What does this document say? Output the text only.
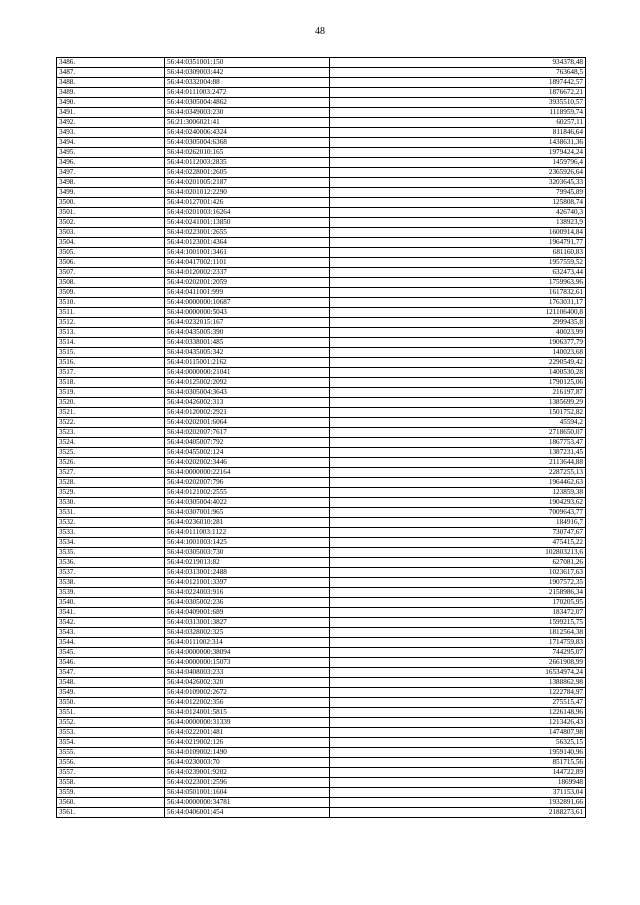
48
3486.	56:44:0351001:150	934378,48
3487.	56:44:0309003:442	763648,5
3488.	56:44:0332004:88	1897442,57
3489.	56:44:0111003:2472	1876672,21
3490.	56:44:0305004:4862	3935510,57
3491.	56:44:0349003:230	1118959,74
3492.	56:21:3006021:41	60257,11
3493.	56:44:0240006:4324	811846,64
3494.	56:44:0305004:6368	1438631,36
3495.	56:44:0262010:165	1979424,24
3496.	56:44:0112003:2835	1459796,4
3497.	56:44:0228001:2605	2365926,64
3498.	56:44:0201005:2187	3203645,33
3499.	56:44:0201012:2290	79945,89
3500.	56:44:0127001:426	125808,74
3501.	56:44:0201003:16264	426740,3
3502.	56:44:0241001:13850	138923,9
3503.	56:44:0223001:2655	1600914,84
3504.	56:44:0123001:4364	1964791,77
3505.	56:44:1001001:3461	681160,83
3506.	56:44:0417002:1101	1957559,52
3507.	56:44:0120002:2337	632473,44
3508.	56:44:0202001:2059	1759963,96
3509.	56:44:0411001:999	1617832,61
3510.	56:44:0000000:10687	1763031,17
3511.	56:44:0000000:5043	121106400,8
3512.	56:44:0232015:167	2999435,8
3513.	56:44:0435005:390	40023,99
3514.	56:44:0338001:485	1906377,79
3515.	56:44:0435005:342	140023,68
3516.	56:44:0115001:2162	2290549,42
3517.	56:44:0000000:21041	1400530,28
3518.	56:44:0125002:2092	1790125,06
3519.	56:44:0305004:3643	216197,87
3520.	56:44:0426002:313	1385699,29
3521.	56:44:0120002:2921	1501752,82
3522.	56:44:0202001:6064	45594,2
3523.	56:44:0202007:7617	2718650,07
3524.	56:44:0405007:792	1867753,47
3525.	56:44:0455002:124	1387231,45
3526.	56:44:0202002:3446	2113644,88
3527.	56:44:0000000:22164	2287255,13
3528.	56:44:0202007:796	1964462,63
3529.	56:44:0121002:2555	123859,38
3530.	56:44:0305004:4022	1904293,62
3531.	56:44:0307001:965	7009643,77
3532.	56:44:0236010:281	184916,7
3533.	56:44:0111003:1122	730747,67
3534.	56:44:1001003:1425	475415,22
3535.	56:44:0305003:730	102803213,6
3536.	56:44:0219013:82	627081,26
3537.	56:44:0313001:2488	1023617,63
3538.	56:44:0121001:3397	1907572,35
3539.	56:44:0224003:916	2158986,34
3540.	56:44:0305002:236	170205,95
3541.	56:44:0409001:689	183472,07
3542.	56:44:0313001:3827	1599215,75
3543.	56:44:0328002:325	1812564,38
3544.	56:44:0111002:314	1714759,83
3545.	56:44:0000000:38094	744295,07
3546.	56:44:0000000:15073	2661908,99
3547.	56:44:0408003:233	16534974,24
3548.	56:44:0426002:320	1388862,98
3549.	56:44:0109002:2672	1222784,97
3550.	56:44:0122002:356	275515,47
3551.	56:44:0124001:5815	1226148,96
3552.	56:44:0000000:31339	1213426,43
3553.	56:44:0222001:481	1474807,98
3554.	56:44:0219002:126	56325,15
3555.	56:44:0109002:1490	1959140,96
3556.	56:44:0230003:70	851715,56
3557.	56:44:0239001:9202	144722,89
3558.	56:44:0223001:2596	1869948
3559.	56:44:0501001:1604	371153,04
3560.	56:44:0000000:34781	1932891,66
3561.	56:44:0406001:454	2188273,61
